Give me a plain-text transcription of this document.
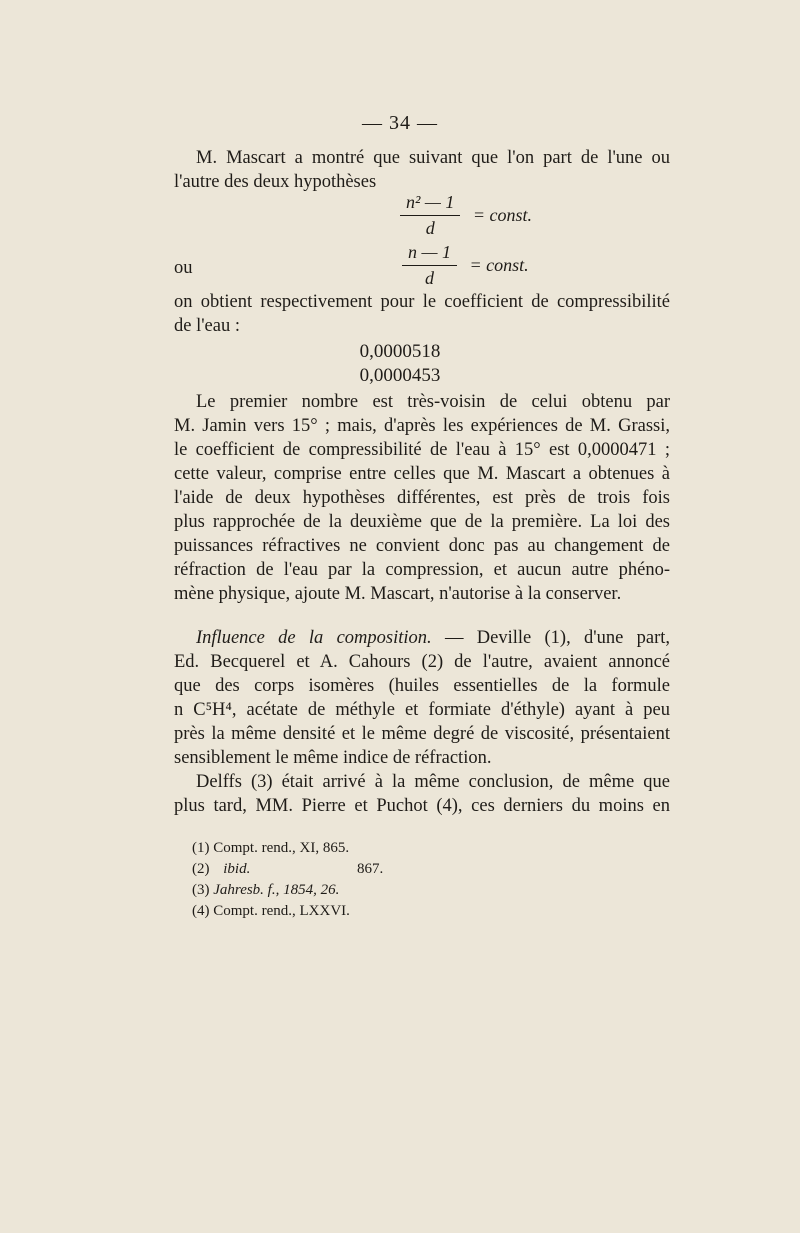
— 34 —
M. Mascart a montré que suivant que l'on part de l'une ou
l'autre des deux hypothèses
$\frac{\text{n² — 1}}{d}$ = const.
ou	$\frac{n — 1}{d}$ = const.
on obtient respectivement pour le coefficient de compressibilité
de l'eau :
0,0000518
0,0000453
Le premier nombre est très-voisin de celui obtenu par
M. Jamin vers 15° ; mais, d'après les expériences de M. Grassi,
le coefficient de compressibilité de l'eau à 15° est 0,0000471 ;
cette valeur, comprise entre celles que M. Mascart a obtenues à
l'aide de deux hypothèses différentes, est près de trois fois
plus rapprochée de la deuxième que de la première. La loi des
puissances réfractives ne convient donc pas au changement de
réfraction de l'eau par la compression, et aucun autre phéno-
mène physique, ajoute M. Mascart, n'autorise à la conserver.
Influence de la composition. — Deville (1), d'une part,
Ed. Becquerel et A. Cahours (2) de l'autre, avaient annoncé
que des corps isomères (huiles essentielles de la formule
n C⁵H⁴, acétate de méthyle et formiate d'éthyle) ayant à peu
près la même densité et le même degré de viscosité, présentaient
sensiblement le même indice de réfraction.
Delffs (3) était arrivé à la même conclusion, de même que
plus tard, MM. Pierre et Puchot (4), ces derniers du moins en
(1) Compt. rend., XI, 865.
(2) ibid.	867.
(3) Jahresb. f., 1854, 26.
(4) Compt. rend., LXXVI.
